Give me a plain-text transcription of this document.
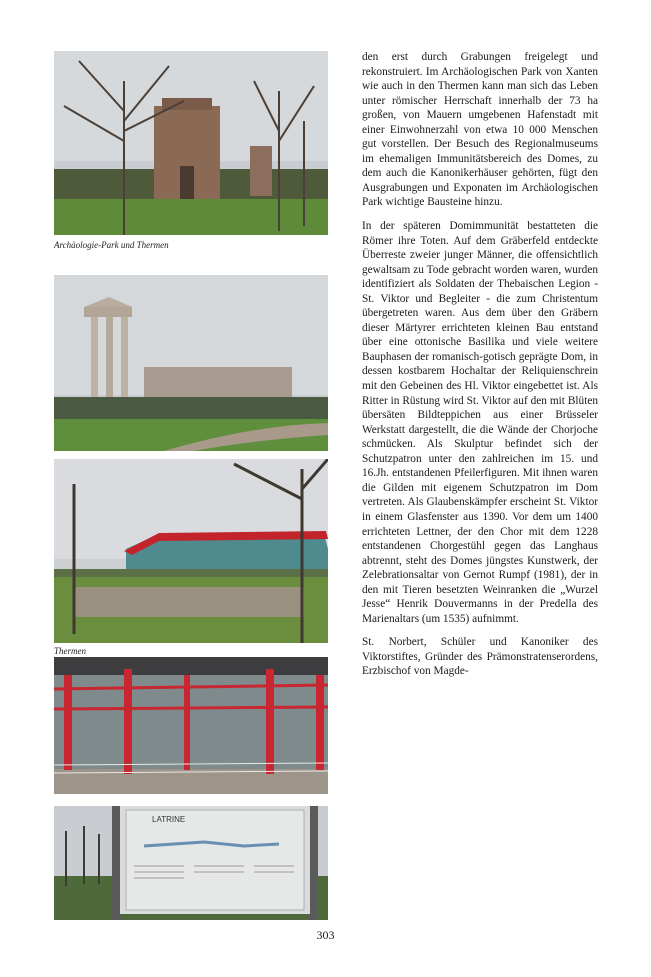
Archäologie-Park und Thermen
Thermen
LATRINE

den erst durch Grabungen freigelegt und rekonstruiert. Im Archäologischen Park von Xanten wie auch in den Thermen kann man sich das Leben unter römischer Herrschaft innerhalb der 73 ha großen, von Mauern umgebenen Hafenstadt mit einer Einwohnerzahl von etwa 10 000 Menschen gut vorstellen. Der Besuch des Regionalmuseums im ehemaligen Immunitätsbereich des Domes, zu dem auch die Kanonikerhäuser gehörten, fügt den Ausgrabungen und Exponaten im Archäologischen Park wichtige Bausteine hinzu.

In der späteren Domimmunität bestatteten die Römer ihre Toten. Auf dem Gräberfeld entdeckte Überreste zweier junger Männer, die offensichtlich gewaltsam zu Tode gebracht worden waren, wurden identifiziert als Soldaten der Thebaischen Legion - St. Viktor und Begleiter - die zum Christentum übergetreten waren. Aus dem über den Gräbern dieser Märtyrer errichteten kleinen Bau entstand über eine ottonische Basilika und viele weitere Bauphasen der romanisch-gotisch geprägte Dom, in dessen kostbarem Hochaltar der Reliquienschrein mit den Gebeinen des Hl. Viktor eingebettet ist. Als Ritter in Rüstung wird St. Viktor auf den mit Blüten übersäten Bildteppichen aus einer Brüsseler Werkstatt dargestellt, die die Wände der Chorjoche schmücken. Als Skulptur befindet sich der Schutzpatron unter den zahlreichen im 15. und 16.Jh. entstandenen Pfeilerfiguren. Mit ihnen waren die Gilden mit eigenem Schutzpatron im Dom vertreten. Als Glaubenskämpfer erscheint St. Viktor in einem Glasfenster aus 1390. Vor dem um 1400 errichteten Lettner, der den Chor mit dem 1228 entstandenen Chorgestühl gegen das Langhaus abtrennt, steht des Domes jüngstes Kunstwerk, der Zelebrationsaltar von Gernot Rumpf (1981), der in den mit Tieren besetzten Weinranken die „Wurzel Jesse“ Henrik Douvermanns in der Predella des Marienaltars (um 1535) aufnimmt.

St. Norbert, Schüler und Kanoniker des Viktorstiftes, Gründer des Prämonstratenserordens, Erzbischof von Magde-

303
